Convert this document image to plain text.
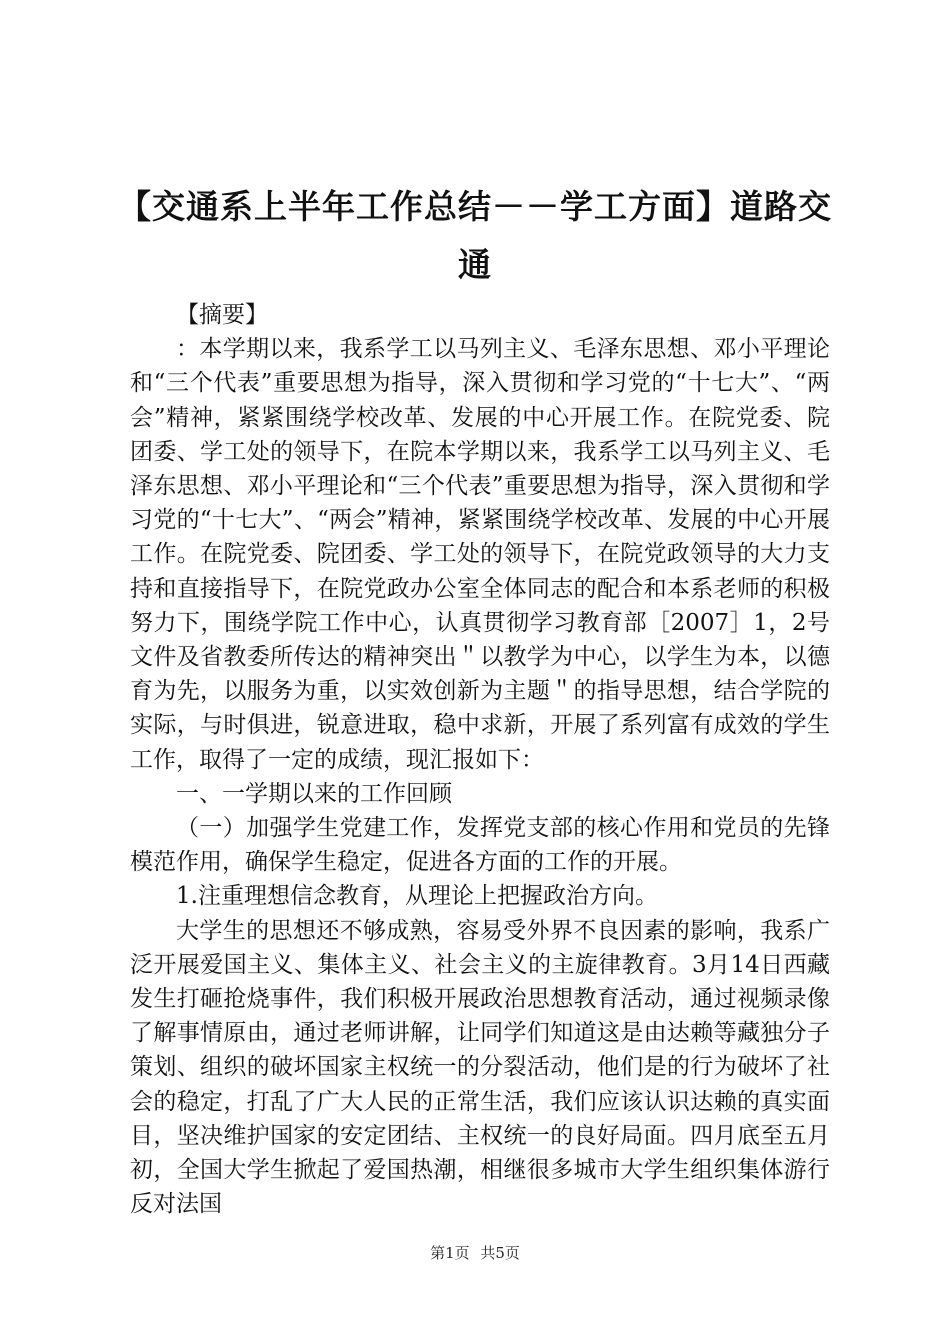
【交通系上半年工作总结－－学工方面】道路交通

【摘要】

：本学期以来，我系学工以马列主义、毛泽东思想、邓小平理论和“三个代表”重要思想为指导，深入贯彻和学习党的“十七大”、“两会”精神，紧紧围绕学校改革、发展的中心开展工作。在院党委、院团委、学工处的领导下，在院本学期以来，我系学工以马列主义、毛泽东思想、邓小平理论和“三个代表”重要思想为指导，深入贯彻和学习党的“十七大”、“两会”精神，紧紧围绕学校改革、发展的中心开展工作。在院党委、院团委、学工处的领导下，在院党政领导的大力支持和直接指导下，在院党政办公室全体同志的配合和本系老师的积极努力下，围绕学院工作中心，认真贯彻学习教育部［2007］1，2号文件及省教委所传达的精神突出＂以教学为中心，以学生为本，以德育为先，以服务为重，以实效创新为主题＂的指导思想，结合学院的实际，与时俱进，锐意进取，稳中求新，开展了系列富有成效的学生工作，取得了一定的成绩，现汇报如下：

一、一学期以来的工作回顾

（一）加强学生党建工作，发挥党支部的核心作用和党员的先锋模范作用，确保学生稳定，促进各方面的工作的开展。

1.注重理想信念教育，从理论上把握政治方向。

大学生的思想还不够成熟，容易受外界不良因素的影响，我系广泛开展爱国主义、集体主义、社会主义的主旋律教育。3月14日西藏发生打砸抢烧事件，我们积极开展政治思想教育活动，通过视频录像了解事情原由，通过老师讲解，让同学们知道这是由达赖等藏独分子策划、组织的破坏国家主权统一的分裂活动，他们是的行为破坏了社会的稳定，打乱了广大人民的正常生活，我们应该认识达赖的真实面目，坚决维护国家的安定团结、主权统一的良好局面。四月底至五月初，全国大学生掀起了爱国热潮，相继很多城市大学生组织集体游行反对法国

第1页 共5页
